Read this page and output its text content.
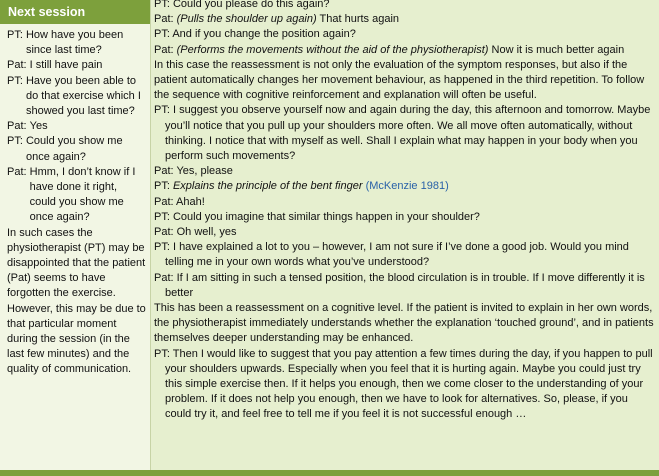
Next session
PT: How have you been since last time?
Pat: I still have pain
PT: Have you been able to do that exercise which I showed you last time?
Pat: Yes
PT: Could you show me once again?
Pat: Hmm, I don’t know if I have done it right, could you show me once again?

In such cases the physiotherapist (PT) may be disappointed that the patient (Pat) seems to have forgotten the exercise. However, this may be due to that particular moment during the session (in the last few minutes) and the quality of communication.

PT: Could you please do this again?

Pat: (Pulls the shoulder up again) That hurts again

PT: And if you change the position again?

Pat: (Performs the movements without the aid of the physiotherapist) Now it is much better again

In this case the reassessment is not only the evaluation of the symptom responses, but also if the patient automatically changes her movement behaviour, as happened in the third repetition. To follow the sequence with cognitive reinforcement and explanation will often be useful.

PT: I suggest you observe yourself now and again during the day, this afternoon and tomorrow. Maybe you’ll notice that you pull up your shoulders more often. We all move often automatically, without thinking. I notice that with myself as well. Shall I explain what may happen in your body when you perform such movements?

Pat: Yes, please

PT: Explains the principle of the bent finger (McKenzie 1981)

Pat: Ahah!

PT: Could you imagine that similar things happen in your shoulder?

Pat: Oh well, yes

PT: I have explained a lot to you – however, I am not sure if I’ve done a good job. Would you mind telling me in your own words what you’ve understood?

Pat: If I am sitting in such a tensed position, the blood circulation is in trouble. If I move differently it is better

This has been a reassessment on a cognitive level. If the patient is invited to explain in her own words, the physiotherapist immediately understands whether the explanation ‘touched ground’, and in patients themselves deeper understanding may be enhanced.

PT: Then I would like to suggest that you pay attention a few times during the day, if you happen to pull your shoulders upwards. Especially when you feel that it is hurting again. Maybe you could just try this simple exercise then. If it helps you enough, then we come closer to the understanding of your problem. If it does not help you enough, then we have to look for alternatives. So, please, if you could try it, and feel free to tell me if you feel it is not successful enough …
